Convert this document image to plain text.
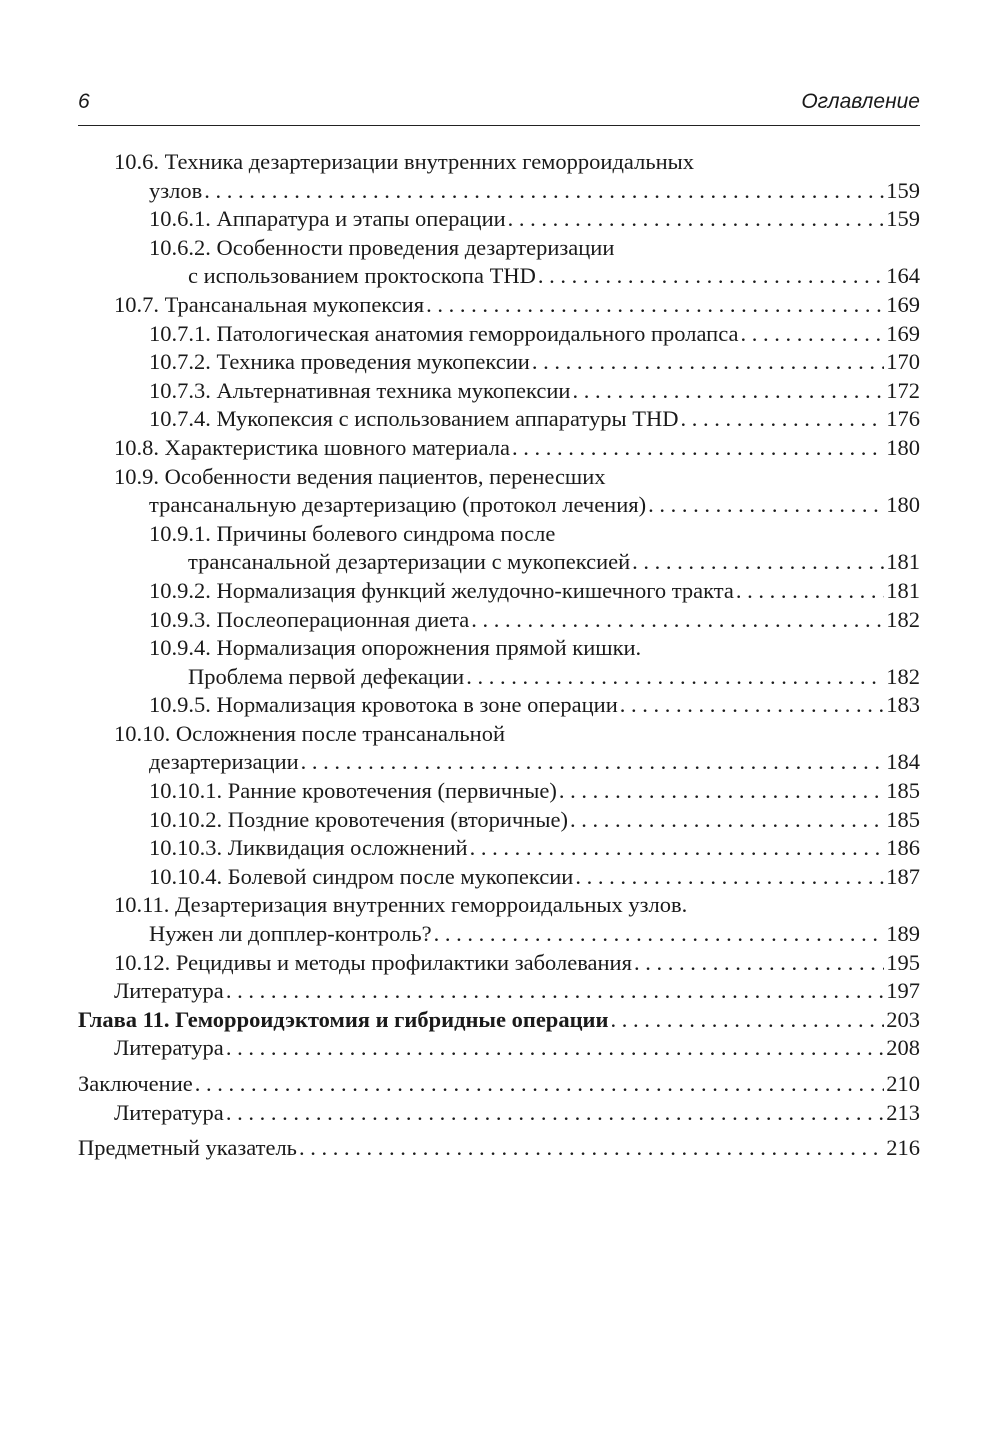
6	Оглавление
10.6. Техника дезартеризации внутренних геморроидальных
узлов . . .	159
10.6.1. Аппаратура и этапы операции . . .	159
10.6.2. Особенности проведения дезартеризации
с использованием проктоскопа THD . . .	164
10.7. Трансанальная мукопексия . . .	169
10.7.1. Патологическая анатомия геморроидального пролапса . . .	169
10.7.2. Техника проведения мукопексии . . .	170
10.7.3. Альтернативная техника мукопексии . . .	172
10.7.4. Мукопексия с использованием аппаратуры THD . . .	176
10.8. Характеристика шовного материала . . .	180
10.9. Особенности ведения пациентов, перенесших
трансанальную дезартеризацию (протокол лечения) . . .	180
10.9.1. Причины болевого синдрома после
трансанальной дезартеризации с мукопексией . . .	181
10.9.2. Нормализация функций желудочно-кишечного тракта . . .	181
10.9.3. Послеоперационная диета . . .	182
10.9.4. Нормализация опорожнения прямой кишки.
Проблема первой дефекации . . .	182
10.9.5. Нормализация кровотока в зоне операции . . .	183
10.10. Осложнения после трансанальной
дезартеризации . . .	184
10.10.1. Ранние кровотечения (первичные) . . .	185
10.10.2. Поздние кровотечения (вторичные) . . .	185
10.10.3. Ликвидация осложнений . . .	186
10.10.4. Болевой синдром после мукопексии . . .	187
10.11. Дезартеризация внутренних геморроидальных узлов.
Нужен ли допплер-контроль? . . .	189
10.12. Рецидивы и методы профилактики заболевания . . .	195
Литература . . .	197
Глава 11. Геморроидэктомия и гибридные операции . . .	203
Литература . . .	208
Заключение . . .	210
Литература . . .	213
Предметный указатель . . .	216
